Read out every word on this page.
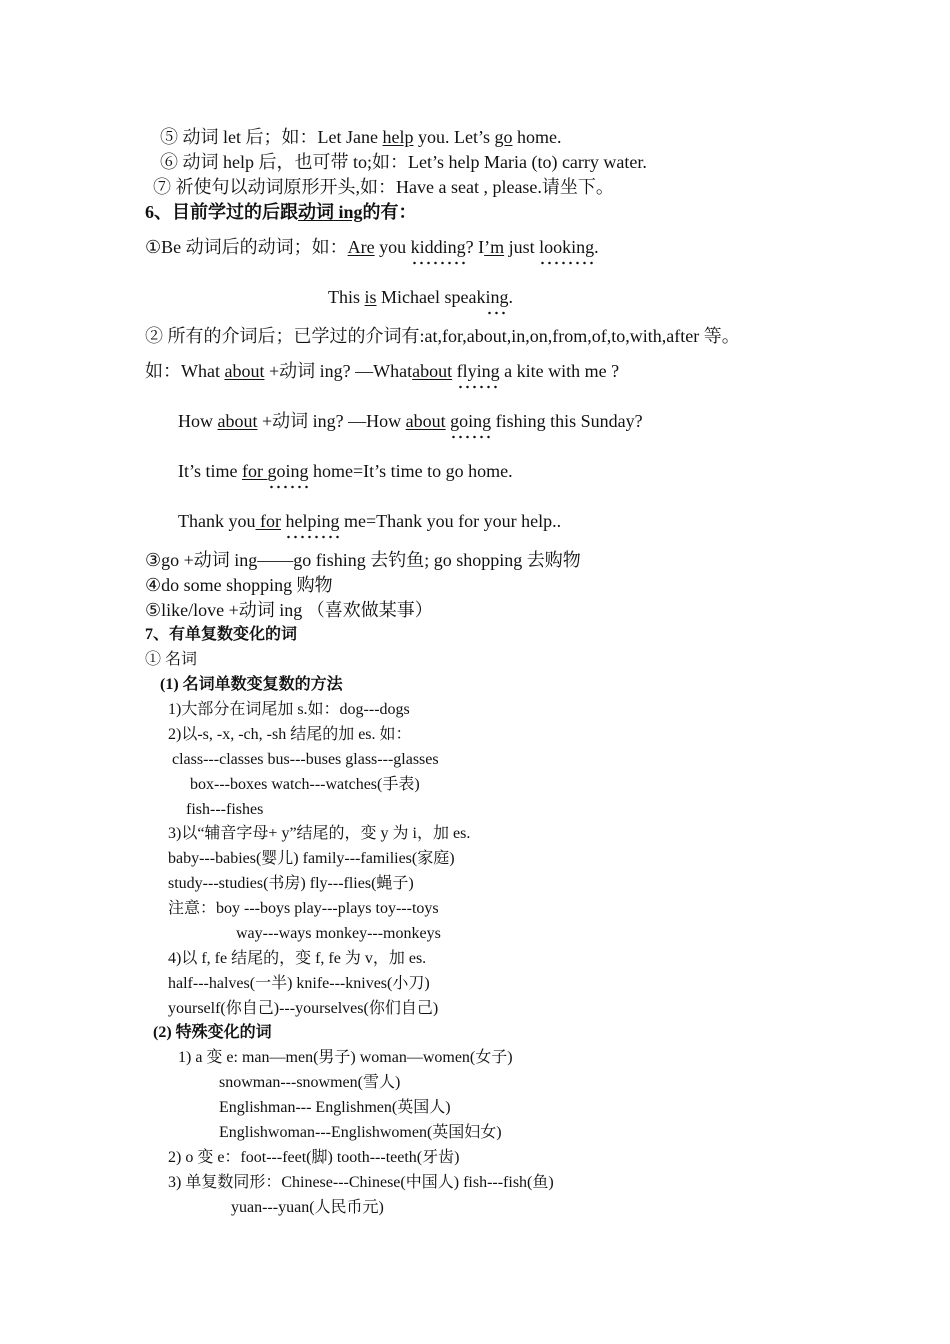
⑤ 动词 let 后；如：Let Jane help you. Let’s go home.
⑥ 动词 help 后，也可带 to;如：Let’s help Maria (to) carry water.
⑦ 祈使句以动词原形开头,如：Have a seat , please.请坐下。
6、目前学过的后跟动词 ing的有：
①Be 动词后的动词；如：Are you kidding? I’m just looking.
This is Michael speaking.
② 所有的介词后；已学过的介词有:at,for,about,in,on,from,of,to,with,after 等。
如：What about +动词 ing? —Whatabout flying a kite with me ?
How about +动词 ing? —How about going fishing this Sunday?
It’s time for going home=It’s time to go home.
Thank you for helping me=Thank you for your help..
③go +动词 ing——go fishing 去钓鱼; go shopping 去购物
④do some shopping 购物
⑤like/love +动词 ing （喜欢做某事）
7、有单复数变化的词
① 名词
(1) 名词单数变复数的方法
1)大部分在词尾加 s.如：dog---dogs
2)以-s, -x, -ch, -sh 结尾的加 es. 如：
class---classes bus---buses glass---glasses
box---boxes watch---watches(手表)
fish---fishes
3)以“辅音字母+ y”结尾的，变 y 为 i，加 es.
baby---babies(婴儿) family---families(家庭)
study---studies(书房) fly---flies(蝇子)
注意：boy ---boys play---plays toy---toys
way---ways monkey---monkeys
4)以 f, fe 结尾的，变 f, fe 为 v，加 es.
half---halves(一半) knife---knives(小刀)
yourself(你自己)---yourselves(你们自己)
(2) 特殊变化的词
1) a 变 e: man—men(男子) woman—women(女子)
snowman---snowmen(雪人)
Englishman--- Englishmen(英国人)
Englishwoman---Englishwomen(英国妇女)
2) o 变 e：foot---feet(脚) tooth---teeth(牙齿)
3) 单复数同形：Chinese---Chinese(中国人) fish---fish(鱼)
yuan---yuan(人民币元)
